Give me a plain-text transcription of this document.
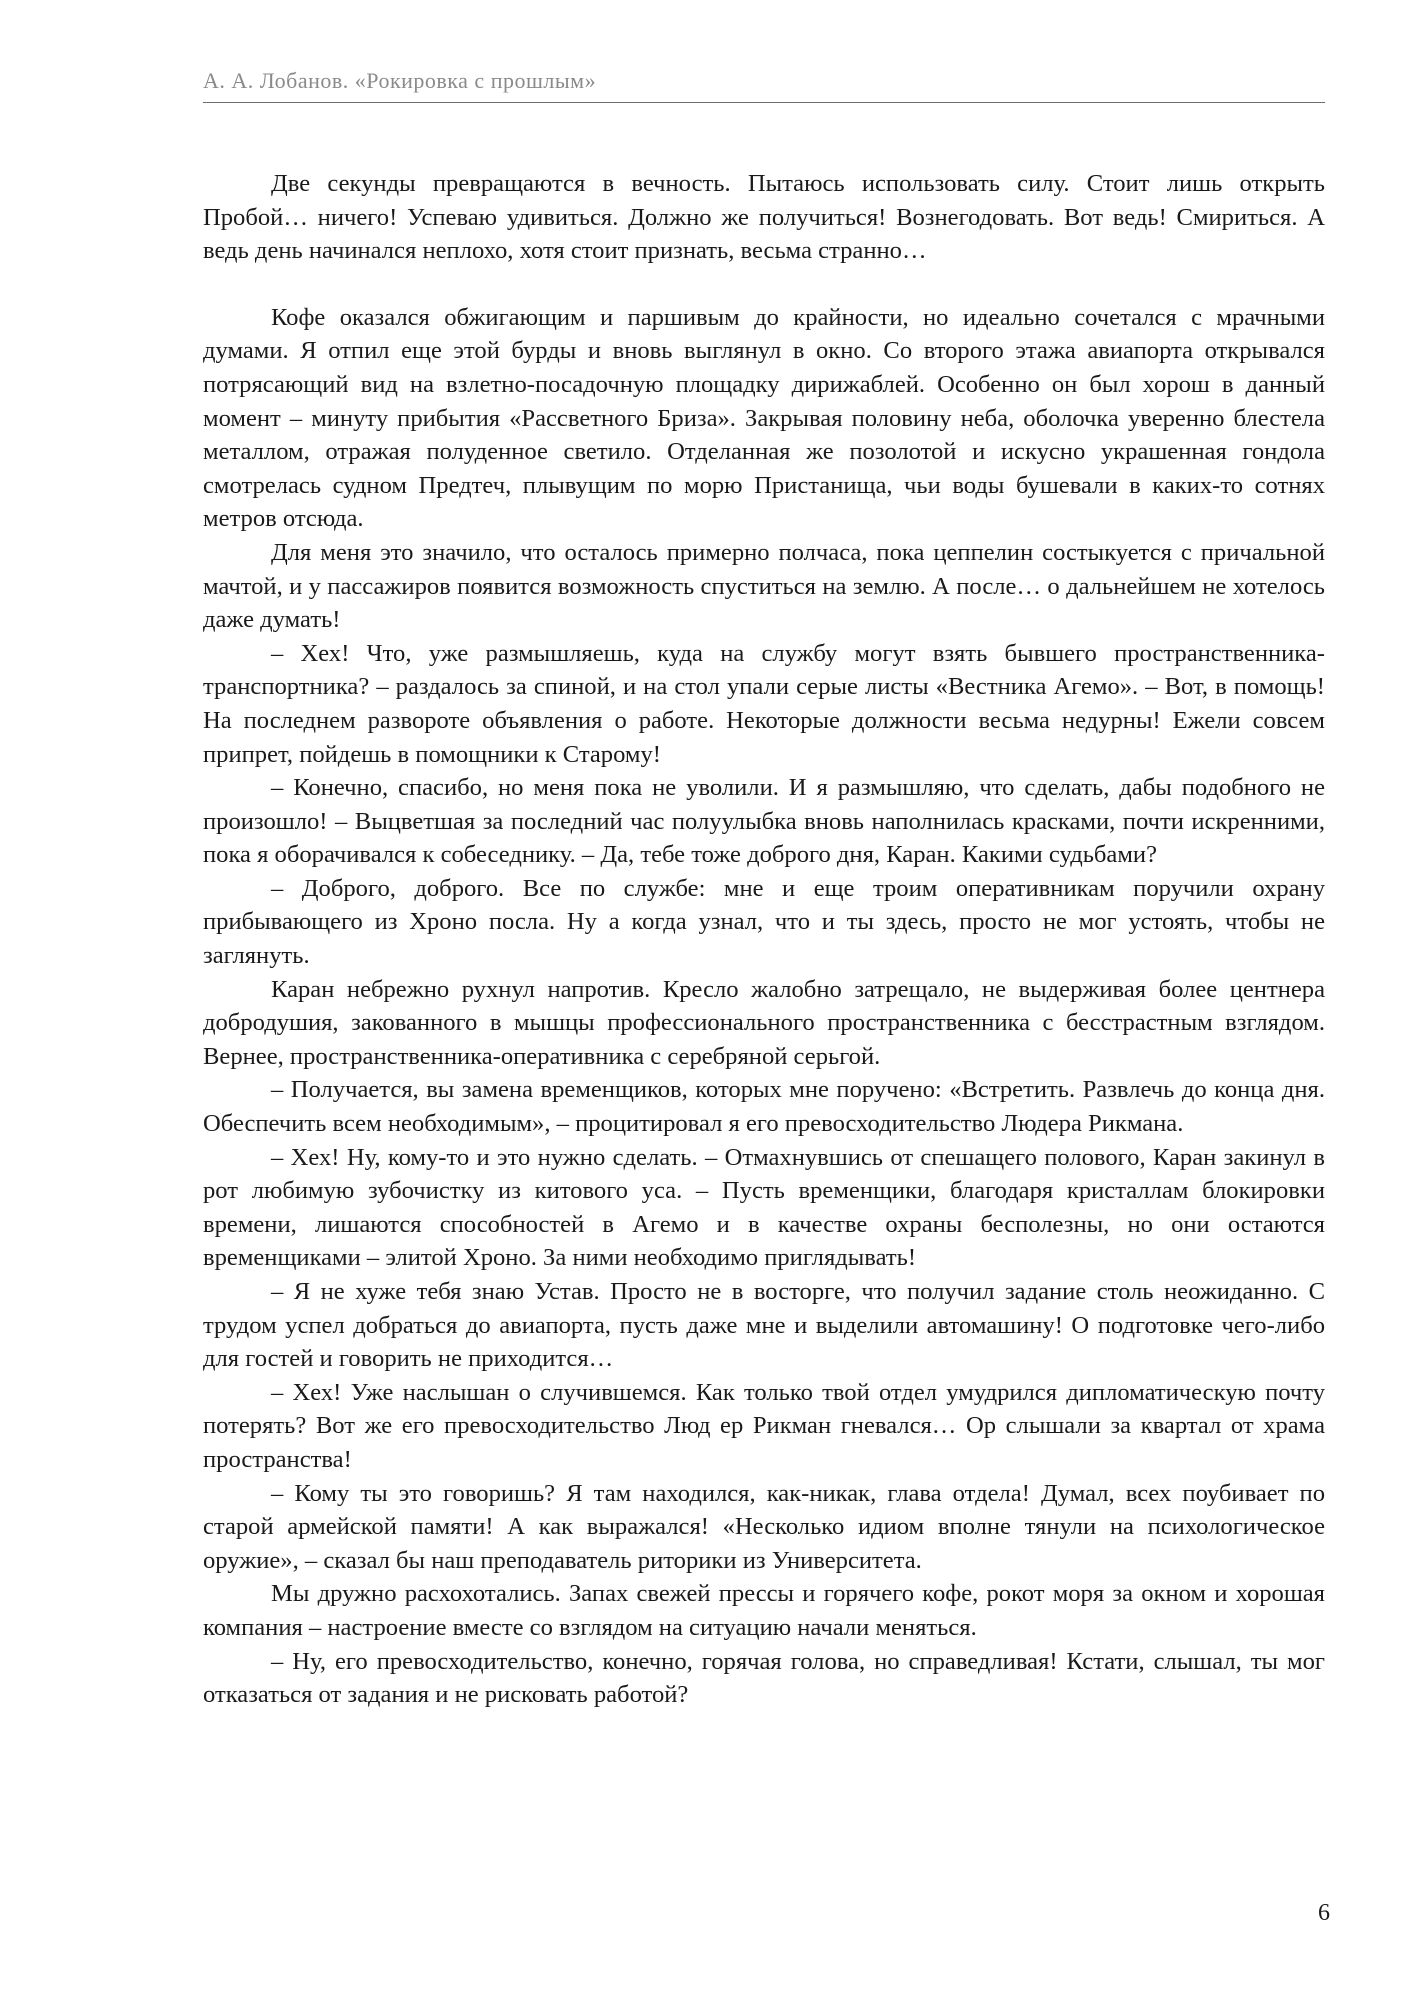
А. А. Лобанов. «Рокировка с прошлым»

Две секунды превращаются в вечность. Пытаюсь использовать силу. Стоит лишь открыть Пробой… ничего! Успеваю удивиться. Должно же получиться! Вознегодовать. Вот ведь! Смириться. А ведь день начинался неплохо, хотя стоит признать, весьма странно…

Кофе оказался обжигающим и паршивым до крайности, но идеально сочетался с мрачными думами. Я отпил еще этой бурды и вновь выглянул в окно. Со второго этажа авиапорта открывался потрясающий вид на взлетно-посадочную площадку дирижаблей. Особенно он был хорош в данный момент – минуту прибытия «Рассветного Бриза». Закрывая половину неба, оболочка уверенно блестела металлом, отражая полуденное светило. Отделанная же позолотой и искусно украшенная гондола смотрелась судном Предтеч, плывущим по морю Пристанища, чьи воды бушевали в каких-то сотнях метров отсюда.

Для меня это значило, что осталось примерно полчаса, пока цеппелин состыкуется с причальной мачтой, и у пассажиров появится возможность спуститься на землю. А после… о дальнейшем не хотелось даже думать!

– Хех! Что, уже размышляешь, куда на службу могут взять бывшего пространственника-транспортника? – раздалось за спиной, и на стол упали серые листы «Вестника Агемо». – Вот, в помощь! На последнем развороте объявления о работе. Некоторые должности весьма недурны! Ежели совсем припрет, пойдешь в помощники к Старому!

– Конечно, спасибо, но меня пока не уволили. И я размышляю, что сделать, дабы подобного не произошло! – Выцветшая за последний час полуулыбка вновь наполнилась красками, почти искренними, пока я оборачивался к собеседнику. – Да, тебе тоже доброго дня, Каран. Какими судьбами?

– Доброго, доброго. Все по службе: мне и еще троим оперативникам поручили охрану прибывающего из Хроно посла. Ну а когда узнал, что и ты здесь, просто не мог устоять, чтобы не заглянуть.

Каран небрежно рухнул напротив. Кресло жалобно затрещало, не выдерживая более центнера добродушия, закованного в мышцы профессионального пространственника с бесстрастным взглядом. Вернее, пространственника-оперативника с серебряной серьгой.

– Получается, вы замена временщиков, которых мне поручено: «Встретить. Развлечь до конца дня. Обеспечить всем необходимым», – процитировал я его превосходительство Людера Рикмана.

– Хех! Ну, кому-то и это нужно сделать. – Отмахнувшись от спешащего полового, Каран закинул в рот любимую зубочистку из китового уса. – Пусть временщики, благодаря кристаллам блокировки времени, лишаются способностей в Агемо и в качестве охраны бесполезны, но они остаются временщиками – элитой Хроно. За ними необходимо приглядывать!

– Я не хуже тебя знаю Устав. Просто не в восторге, что получил задание столь неожиданно. С трудом успел добраться до авиапорта, пусть даже мне и выделили автомашину! О подготовке чего-либо для гостей и говорить не приходится…

– Хех! Уже наслышан о случившемся. Как только твой отдел умудрился дипломатическую почту потерять? Вот же его превосходительство Люд ер Рикман гневался… Ор слышали за квартал от храма пространства!

– Кому ты это говоришь? Я там находился, как-никак, глава отдела! Думал, всех поубивает по старой армейской памяти! А как выражался! «Несколько идиом вполне тянули на психологическое оружие», – сказал бы наш преподаватель риторики из Университета.

Мы дружно расхохотались. Запах свежей прессы и горячего кофе, рокот моря за окном и хорошая компания – настроение вместе со взглядом на ситуацию начали меняться.

– Ну, его превосходительство, конечно, горячая голова, но справедливая! Кстати, слышал, ты мог отказаться от задания и не рисковать работой?

6
